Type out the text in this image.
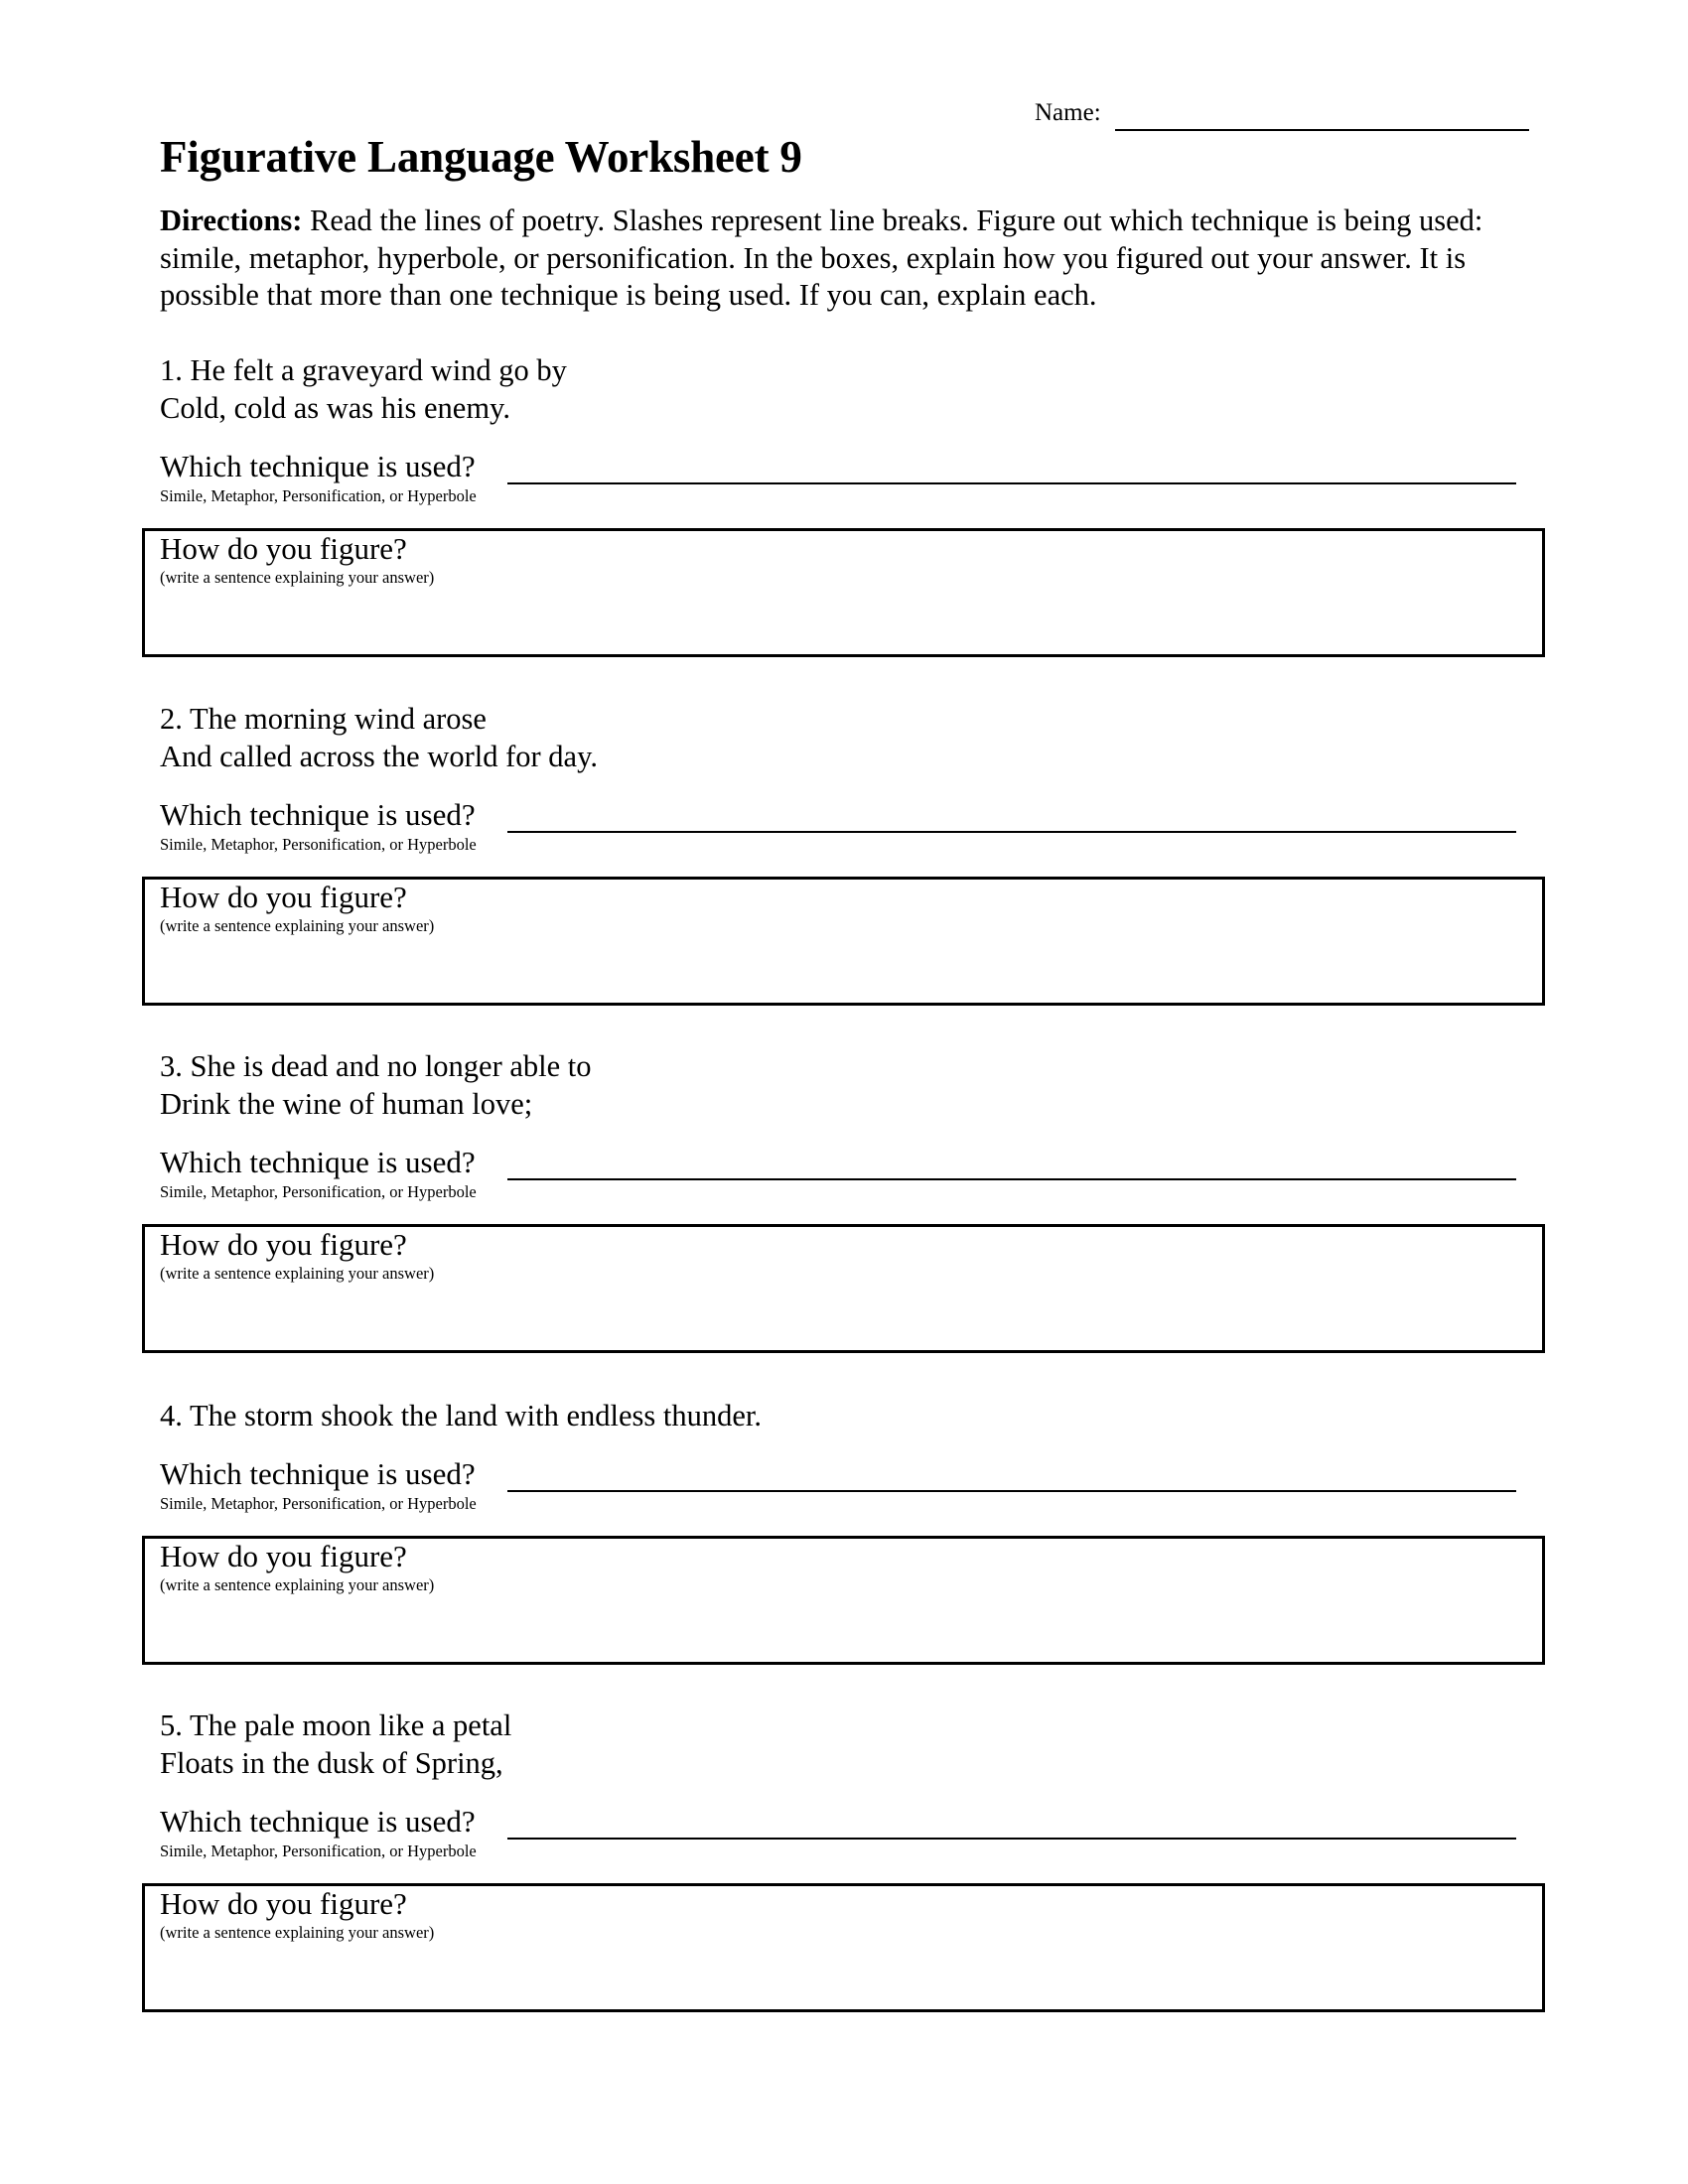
Name:
Figurative Language Worksheet 9
Directions: Read the lines of poetry. Slashes represent line breaks. Figure out which technique is being used: simile, metaphor, hyperbole, or personification. In the boxes, explain how you figured out your answer. It is possible that more than one technique is being used. If you can, explain each.
1. He felt a graveyard wind go by
Cold, cold as was his enemy.
Which technique is used?
Simile, Metaphor, Personification, or Hyperbole
How do you figure?
(write a sentence explaining your answer)
2. The morning wind arose
And called across the world for day.
Which technique is used?
Simile, Metaphor, Personification, or Hyperbole
How do you figure?
(write a sentence explaining your answer)
3. She is dead and no longer able to
Drink the wine of human love;
Which technique is used?
Simile, Metaphor, Personification, or Hyperbole
How do you figure?
(write a sentence explaining your answer)
4. The storm shook the land with endless thunder.
Which technique is used?
Simile, Metaphor, Personification, or Hyperbole
How do you figure?
(write a sentence explaining your answer)
5. The pale moon like a petal
Floats in the dusk of Spring,
Which technique is used?
Simile, Metaphor, Personification, or Hyperbole
How do you figure?
(write a sentence explaining your answer)
